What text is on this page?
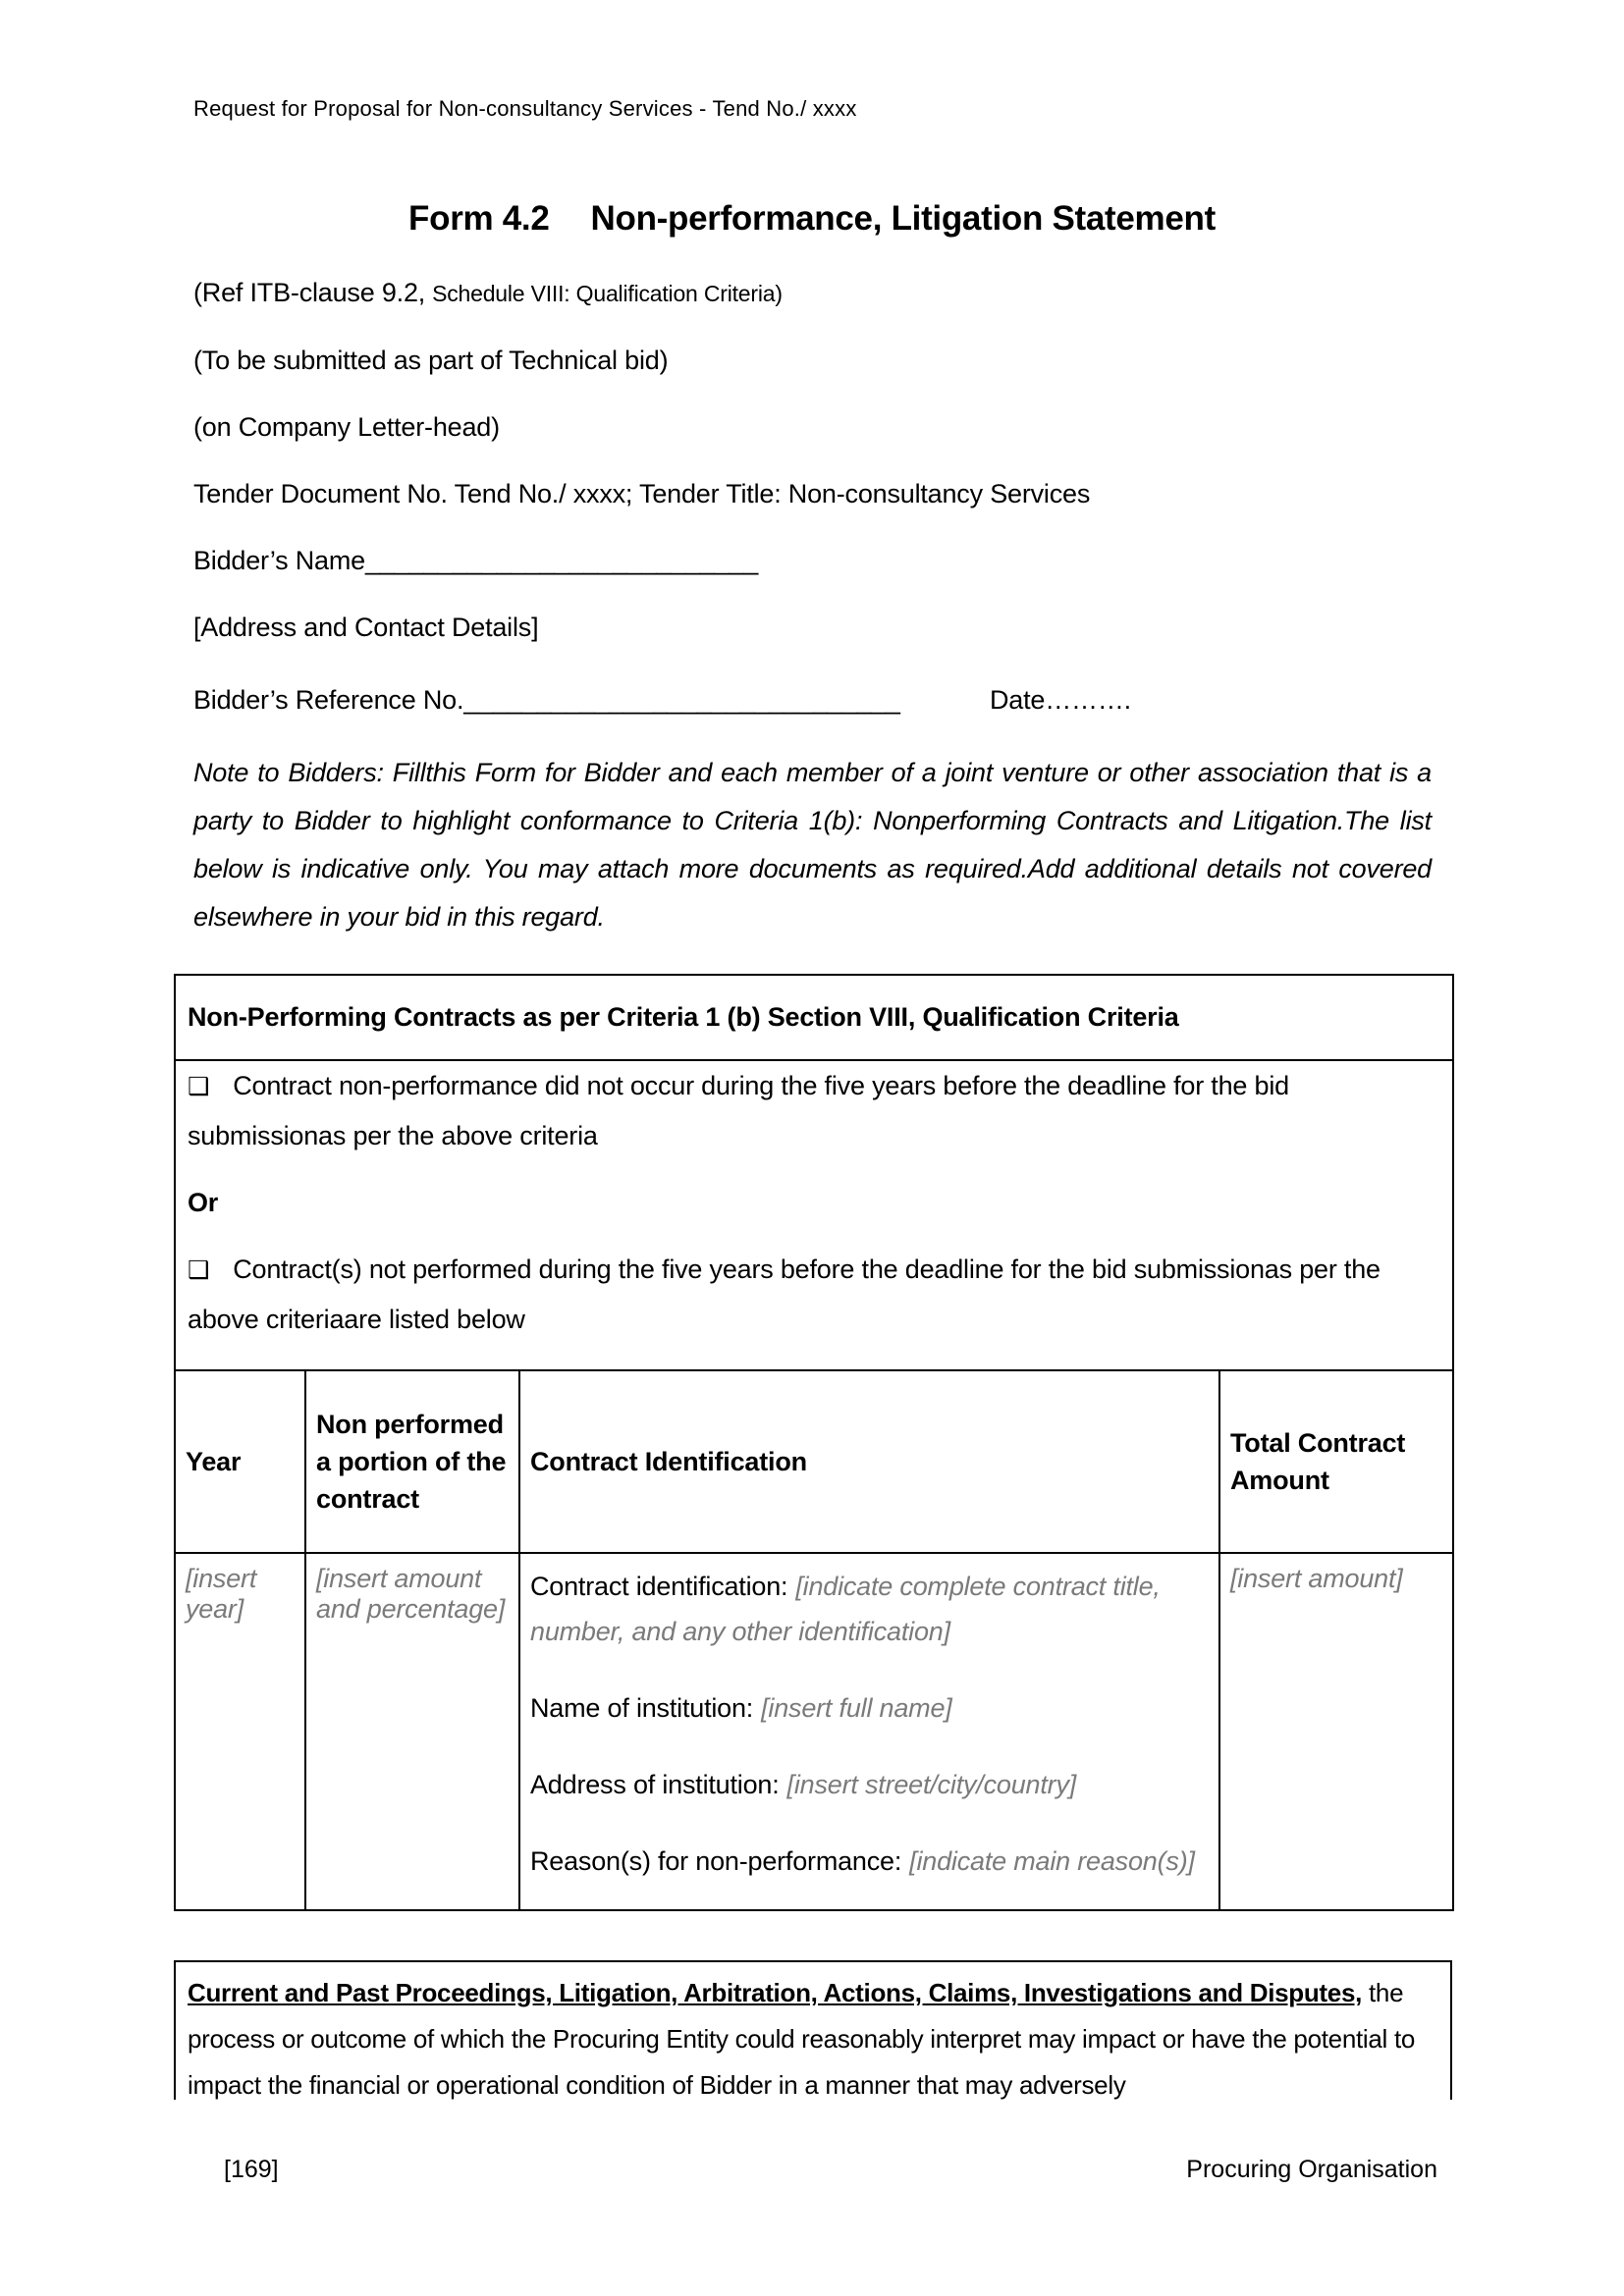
Request for Proposal for Non-consultancy Services - Tend No./ xxxx
Form 4.2 Non-performance, Litigation Statement
(Ref ITB-clause 9.2, Schedule VIII: Qualification Criteria)
(To be submitted as part of Technical bid)
(on Company Letter-head)
Tender Document No. Tend No./ xxxx; Tender Title: Non-consultancy Services
Bidder’s Name___________________________
[Address and Contact Details]
Bidder’s Reference No.______________________________	Date……….
Note to Bidders: Fillthis Form for Bidder and each member of a joint venture or other association that is a party to Bidder to highlight conformance to Criteria 1(b): Nonperforming Contracts and Litigation.The list below is indicative only. You may attach more documents as required.Add additional details not covered elsewhere in your bid in this regard.
Non-Performing Contracts as per Criteria 1 (b) Section VIII, Qualification Criteria			

❑ Contract non-performance did not occur during the five years before the deadline for the bid submissionas per the above criteria

Or

❑ Contract(s) not performed during the five years before the deadline for the bid submissionas per the above criteriaare listed below			

Year	Non performed a portion of the contract	Contract Identification	Total Contract Amount
[insert year]	[insert amount and percentage]	Contract identification: [indicate complete contract title, number, and any other identification]

Name of institution: [insert full name]

Address of institution: [insert street/city/country]

Reason(s) for non-performance: [indicate main reason(s)]	[insert amount]
Current and Past Proceedings, Litigation, Arbitration, Actions, Claims, Investigations and Disputes, the process or outcome of which the Procuring Entity could reasonably interpret may impact or have the potential to impact the financial or operational condition of Bidder in a manner that may adversely
[169]	Procuring Organisation
